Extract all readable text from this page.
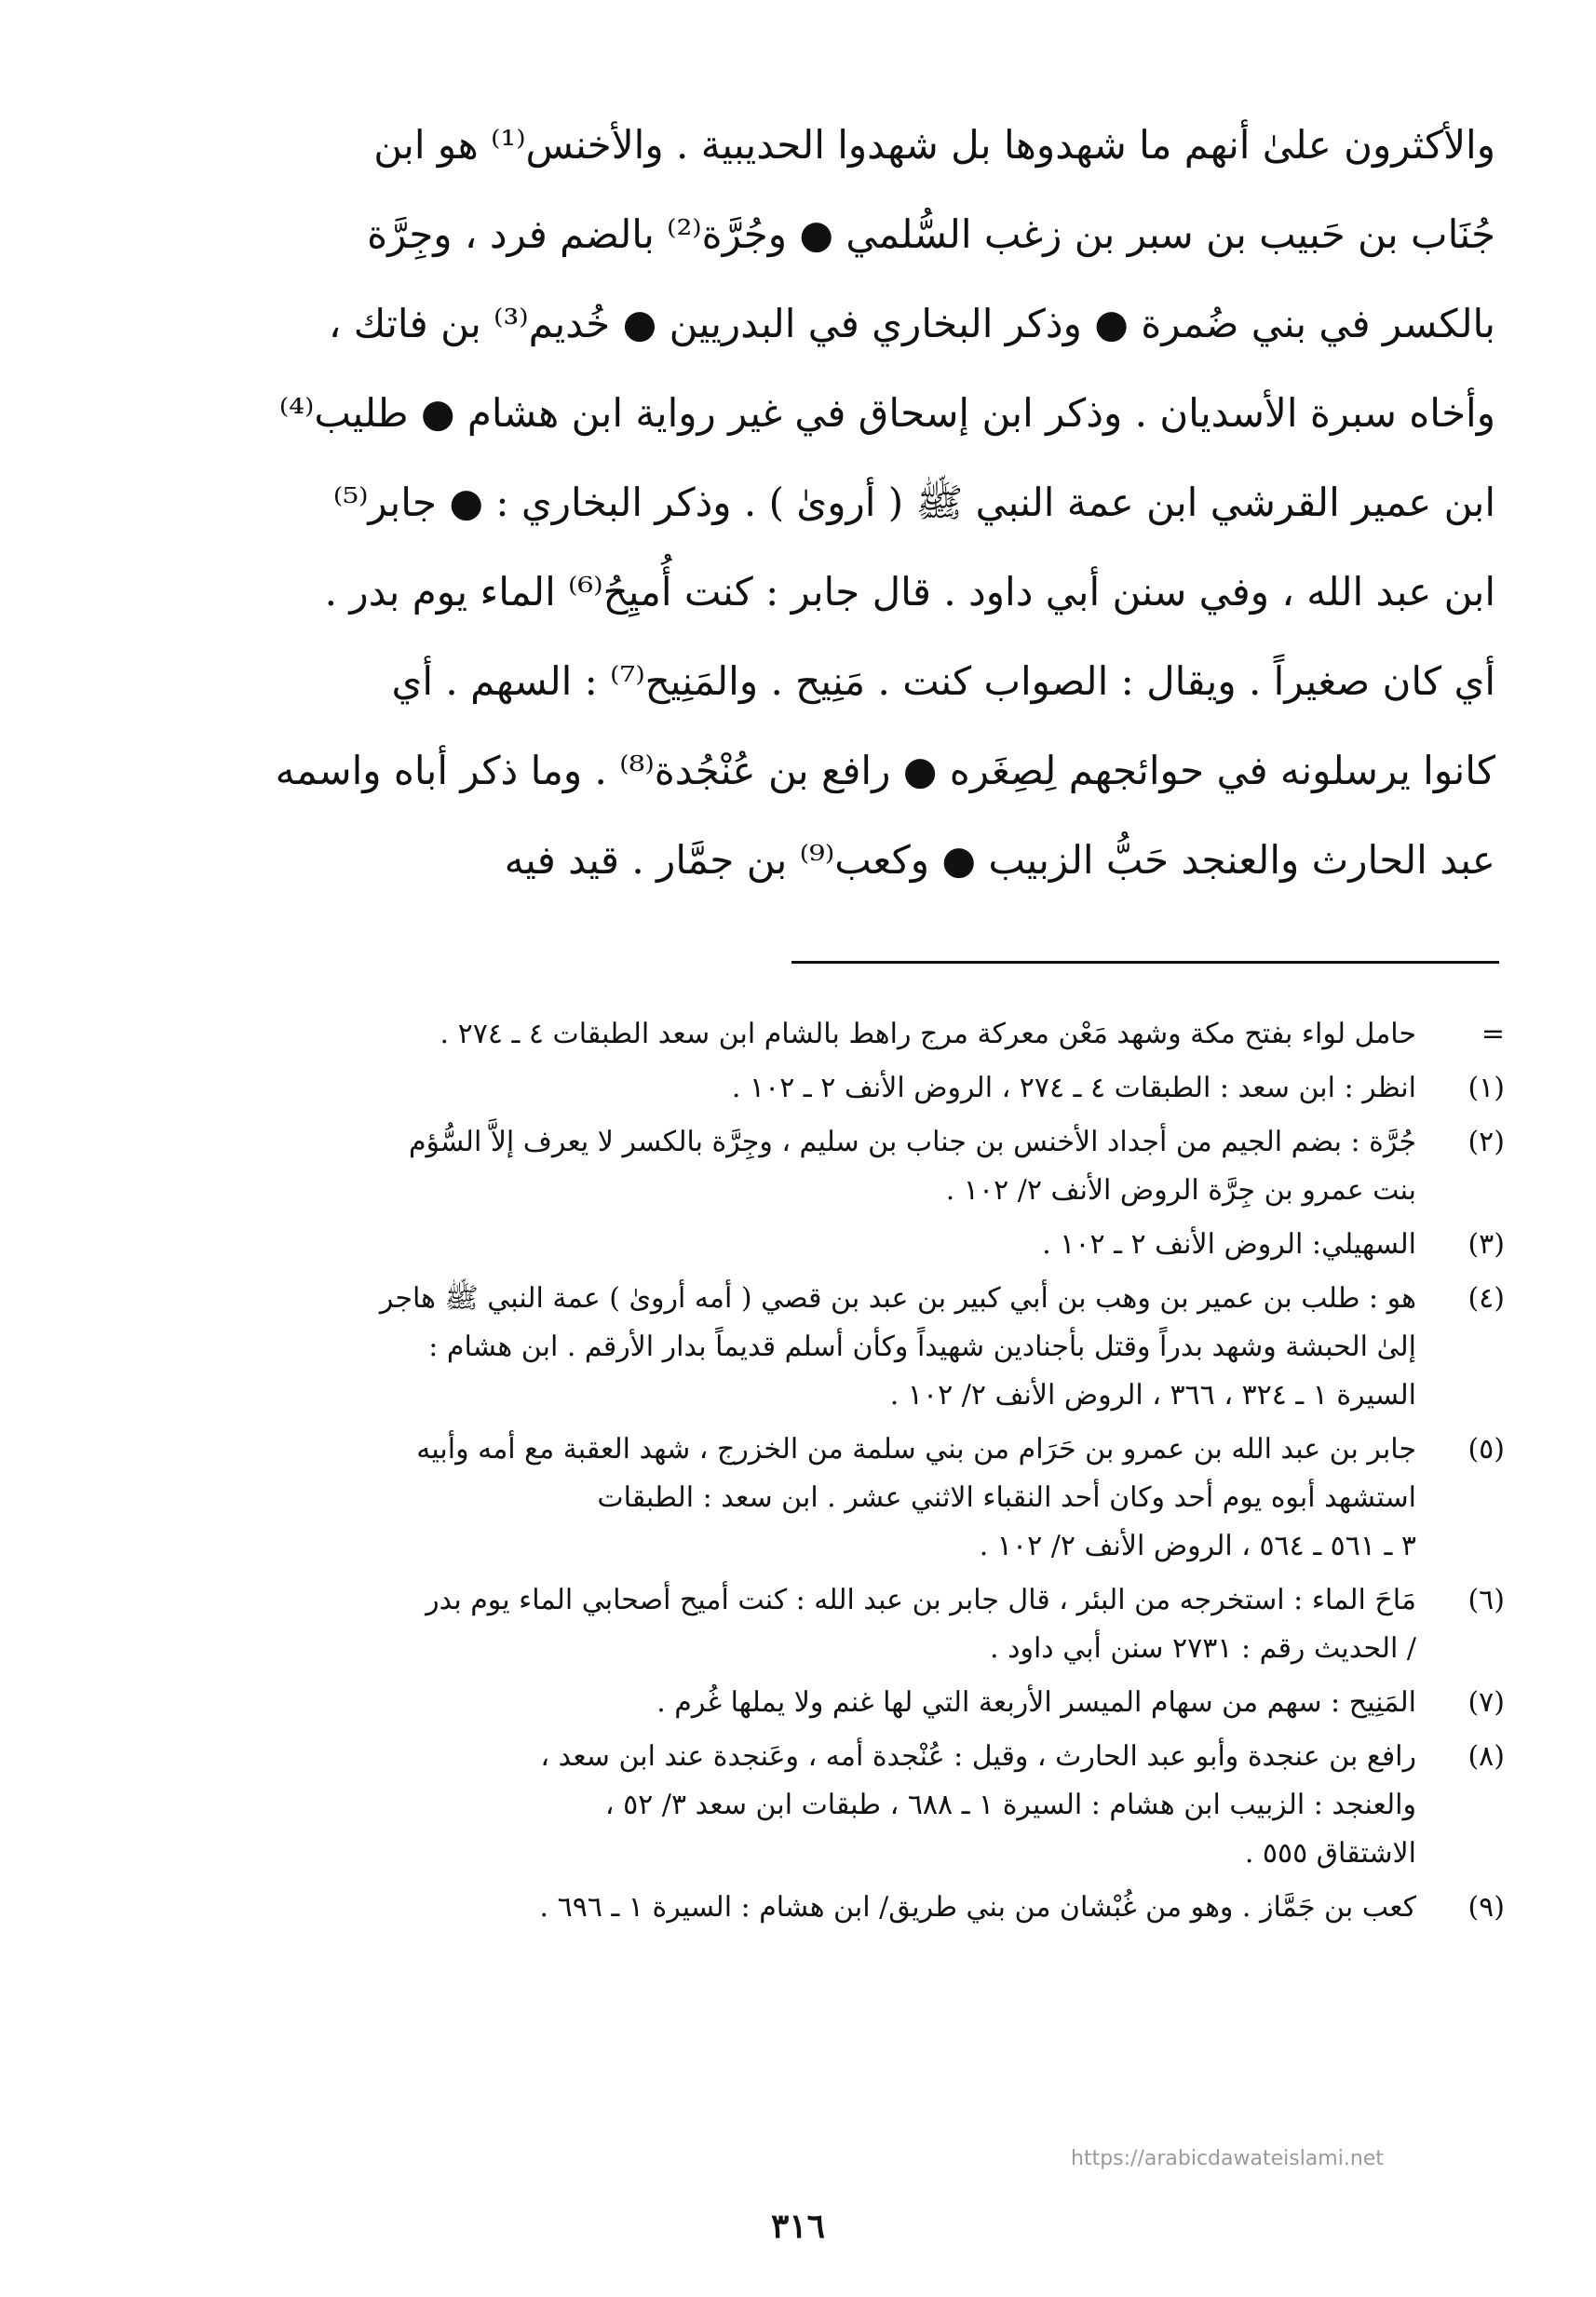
والأكثرون علىٰ أنهم ما شهدوها بل شهدوا الحديبية . والأخنس⁽¹⁾ هو ابن
جُنَاب بن حَبيب بن سبر بن زغب السُّلمي ● وجُرَّة⁽²⁾ بالضم فرد ، وجِرَّة
بالكسر في بني ضُمرة ● وذكر البخاري في البدريين ● خُديم⁽³⁾ بن فاتك ،
وأخاه سبرة الأسديان . وذكر ابن إسحاق في غير رواية ابن هشام ● طليب⁽⁴⁾
ابن عمير القرشي ابن عمة النبي ﷺ ( أروىٰ ) . وذكر البخاري : ● جابر⁽⁵⁾
ابن عبد الله ، وفي سنن أبي داود . قال جابر : كنت أُميِحُ⁽⁶⁾ الماء يوم بدر .
أي كان صغيراً . ويقال : الصواب كنت . مَنِيح . والمَنِيح⁽⁷⁾ : السهم . أي
كانوا يرسلونه في حوائجهم لِصِغَره ● رافع بن عُنْجُدة⁽⁸⁾ . وما ذكر أباه واسمه
عبد الحارث والعنجد حَبُّ الزبيب ● وكعب⁽⁹⁾ بن جمَّار . قيد فيه
=
حامل لواء بفتح مكة وشهد مَعْن معركة مرج راهط بالشام ابن سعد الطبقات ٤ ـ ٢٧٤ .
(١)
انظر : ابن سعد : الطبقات ٤ ـ ٢٧٤ ، الروض الأنف ٢ ـ ١٠٢ .
(٢)
جُرَّة : بضم الجيم من أجداد الأخنس بن جناب بن سليم ، وجِرَّة بالكسر لا يعرف إلاَّ السُّؤم
بنت عمرو بن جِرَّة الروض الأنف ٢/ ١٠٢ .
(٣)
السهيلي: الروض الأنف ٢ ـ ١٠٢ .
(٤)
هو : طلب بن عمير بن وهب بن أبي كبير بن عبد بن قصي ( أمه أروىٰ ) عمة النبي ﷺ هاجر
إلىٰ الحبشة وشهد بدراً وقتل بأجنادين شهيداً وكأن أسلم قديماً بدار الأرقم . ابن هشام :
السيرة ١ ـ ٣٢٤ ، ٣٦٦ ، الروض الأنف ٢/ ١٠٢ .
(٥)
جابر بن عبد الله بن عمرو بن حَرَام من بني سلمة من الخزرج ، شهد العقبة مع أمه وأبيه
استشهد أبوه يوم أحد وكان أحد النقباء الاثني عشر . ابن سعد : الطبقات
٣ ـ ٥٦١ ـ ٥٦٤ ، الروض الأنف ٢/ ١٠٢ .
(٦)
مَاحَ الماء : استخرجه من البئر ، قال جابر بن عبد الله : كنت أميح أصحابي الماء يوم بدر
/ الحديث رقم : ٢٧٣١ سنن أبي داود .
(٧)
المَنِيح : سهم من سهام الميسر الأربعة التي لها غنم ولا يملها غُرم .
(٨)
رافع بن عنجدة وأبو عبد الحارث ، وقيل : عُنْجدة أمه ، وعَنجدة عند ابن سعد ،
والعنجد : الزبيب ابن هشام : السيرة ١ ـ ٦٨٨ ، طبقات ابن سعد ٣/ ٥٢ ،
الاشتقاق ٥٥٥ .
(٩)
كعب بن جَمَّاز . وهو من غُبْشان من بني طريق/ ابن هشام : السيرة ١ ـ ٦٩٦ .
https://arabicdawateislami.net
٣١٦
